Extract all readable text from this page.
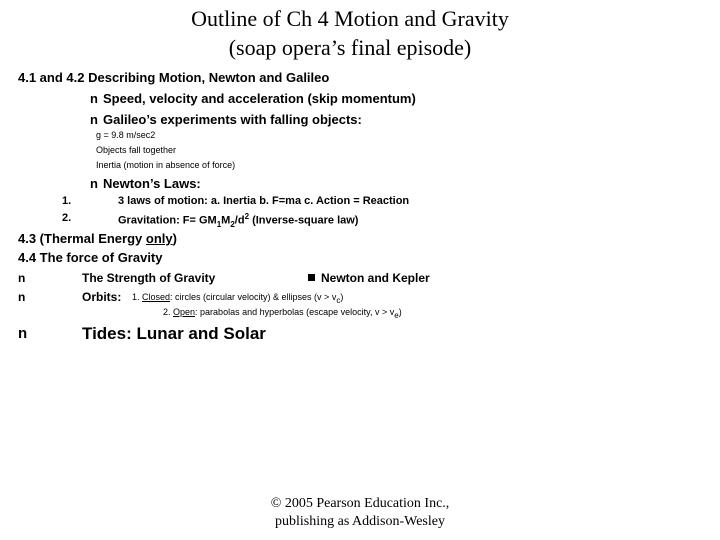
Outline of Ch 4 Motion and Gravity
(soap opera’s final episode)
4.1 and 4.2 Describing Motion, Newton and Galileo
n Speed, velocity and acceleration (skip momentum)
n Galileo’s experiments with falling objects:
g = 9.8 m/sec2
Objects fall together
Inertia (motion in absence of force)
n Newton’s Laws:
1.	3 laws of motion: a. Inertia b. F=ma c. Action = Reaction
2.	Gravitation: $F= GM_1M_2/d^2$ (Inverse-square law)
4.3 (Thermal Energy only)
4.4 The force of Gravity
n	The Strength of Gravity	Newton and Kepler
n	Orbits: 1. Closed: circles (circular velocity) & ellipses $(v > v_c)$
2. Open: parabolas and hyperbolas (escape velocity, $v > v_e$)
n	Tides: Lunar and Solar
© 2005 Pearson Education Inc.,
publishing as Addison-Wesley
